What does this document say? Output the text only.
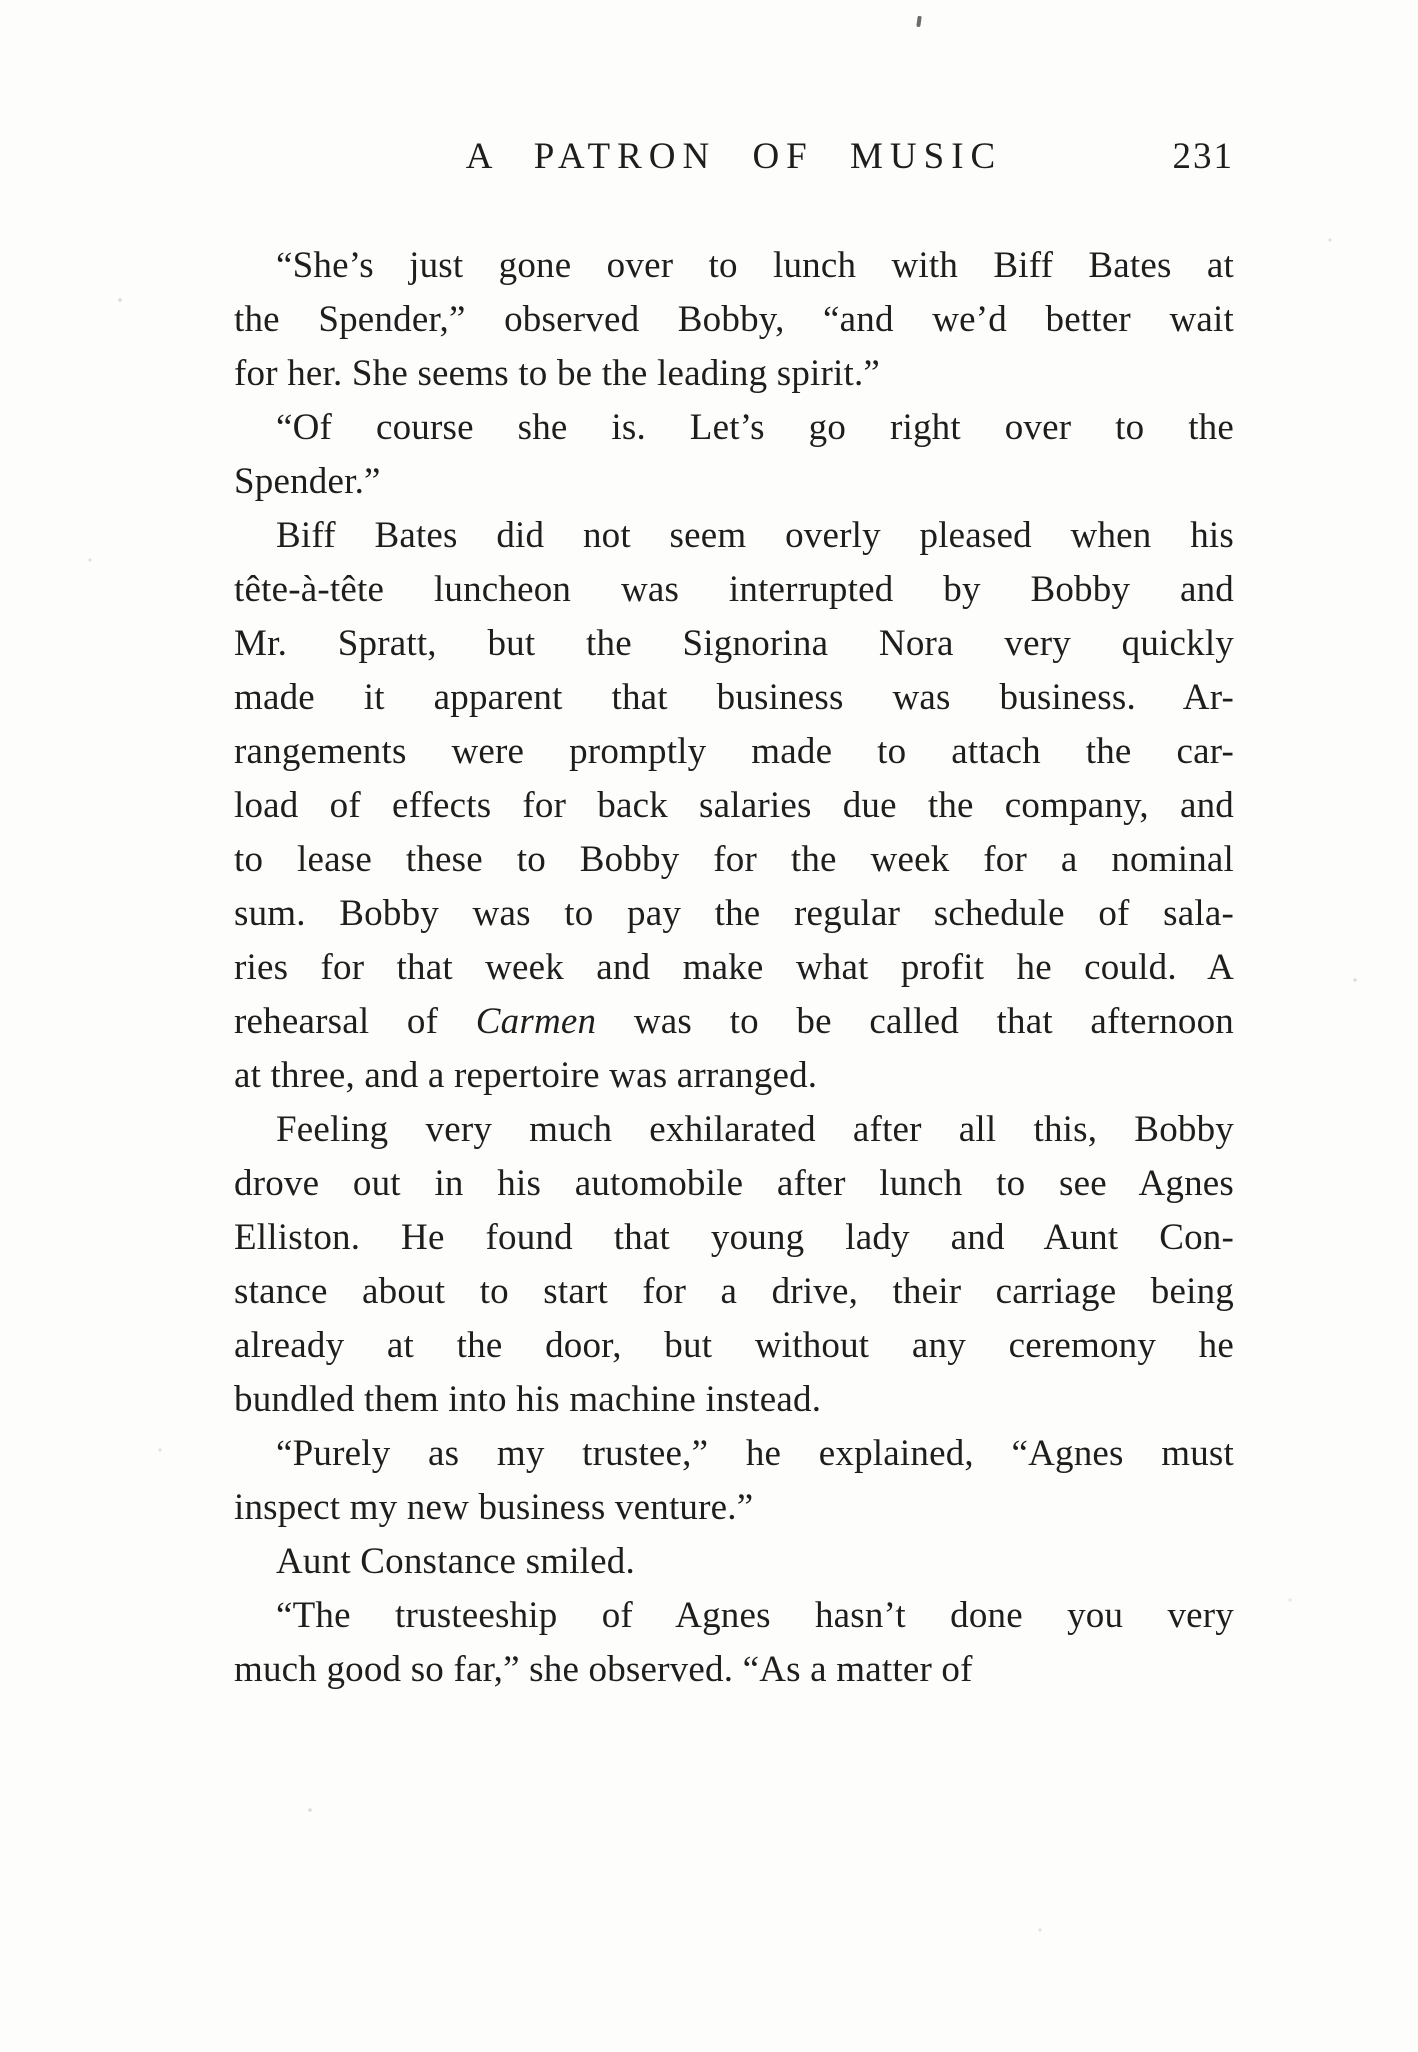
A PATRON OF MUSIC	231
“She’s just gone over to lunch with Biff Bates at
the Spender,” observed Bobby, “and we’d better wait
for her. She seems to be the leading spirit.”
“Of course she is. Let’s go right over to the
Spender.”
Biff Bates did not seem overly pleased when his
tête-à-tête luncheon was interrupted by Bobby and
Mr. Spratt, but the Signorina Nora very quickly
made it apparent that business was business. Ar-
rangements were promptly made to attach the car-
load of effects for back salaries due the company, and
to lease these to Bobby for the week for a nominal
sum. Bobby was to pay the regular schedule of sala-
ries for that week and make what profit he could. A
rehearsal of Carmen was to be called that afternoon
at three, and a repertoire was arranged.
Feeling very much exhilarated after all this, Bobby
drove out in his automobile after lunch to see Agnes
Elliston. He found that young lady and Aunt Con-
stance about to start for a drive, their carriage being
already at the door, but without any ceremony he
bundled them into his machine instead.
“Purely as my trustee,” he explained, “Agnes must
inspect my new business venture.”
Aunt Constance smiled.
“The trusteeship of Agnes hasn’t done you very
much good so far,” she observed. “As a matter of
